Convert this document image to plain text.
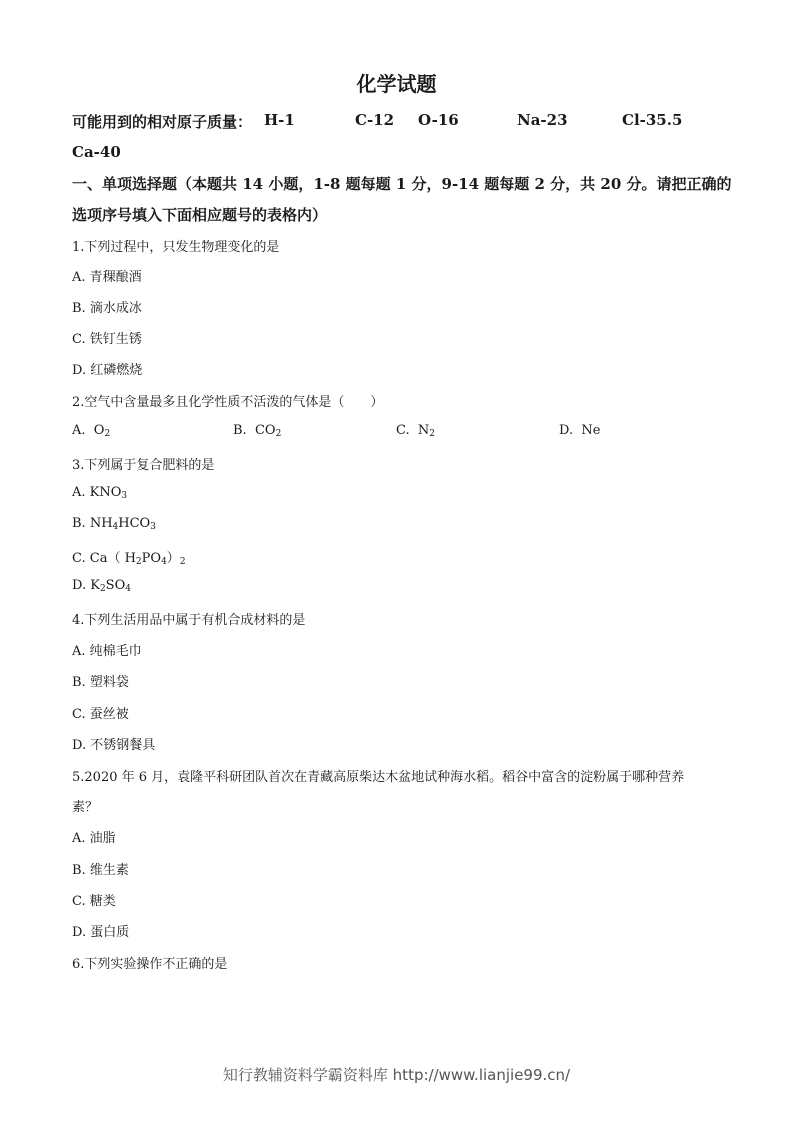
化学试题
可能用到的相对原子质量： H-1	C-12 O-16	Na-23	Cl-35.5
Ca-40
一、单项选择题（本题共 14 小题，1-8 题每题 1 分，9-14 题每题 2 分，共 20 分。请把正确的
选项序号填入下面相应题号的表格内）
1.下列过程中，只发生物理变化的是
A. 青稞酿酒
B. 滴水成冰
C. 铁钉生锈
D. 红磷燃烧
2.空气中含量最多且化学性质不活泼的气体是（　　）
A. $O_2$	B. $CO_2$	C. $N_2$	D. Ne
3.下列属于复合肥料的是
A. $KNO_3$
B. $NH_4HCO_3$
C. Ca（ $H_2PO_4)_2$
D. $K_2SO_4$
4.下列生活用品中属于有机合成材料的是
A. 纯棉毛巾
B. 塑料袋
C. 蚕丝被
D. 不锈钢餐具
5.2020 年 6 月，袁隆平科研团队首次在青藏高原柴达木盆地试种海水稻。稻谷中富含的淀粉属于哪种营养
素？
A. 油脂
B. 维生素
C. 糖类
D. 蛋白质
6.下列实验操作不正确的是
知行教辅资料学霸资料库 http://www.lianjie99.cn/
